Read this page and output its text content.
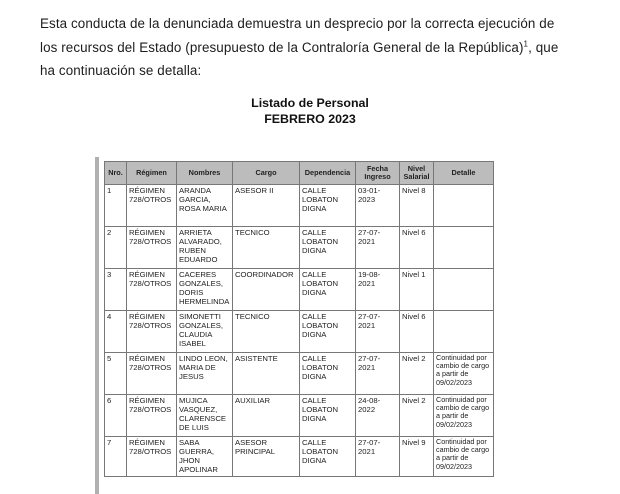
Esta conducta de la denunciada demuestra un desprecio por la correcta ejecución de
los recursos del Estado (presupuesto de la Contraloría General de la República)$^1$, que
ha continuación se detalla:

Listado de Personal
FEBRERO 2023
Nro.	Régimen	Nombres	Cargo	Dependencia	Fecha Ingreso	Nivel Salarial	Detalle
1	RÉGIMEN 728/OTROS	ARANDA GARCIA, ROSA MARIA	ASESOR II	CALLE LOBATON DIGNA	03-01-2023	Nivel 8	
2	RÉGIMEN 728/OTROS	ARRIETA ALVARADO, RUBEN EDUARDO	TECNICO	CALLE LOBATON DIGNA	27-07-2021	Nivel 6	
3	RÉGIMEN 728/OTROS	CACERES GONZALES, DORIS HERMELINDA	COORDINADOR	CALLE LOBATON DIGNA	19-08-2021	Nivel 1	
4	RÉGIMEN 728/OTROS	SIMONETTI GONZALES, CLAUDIA ISABEL	TECNICO	CALLE LOBATON DIGNA	27-07-2021	Nivel 6	
5	RÉGIMEN 728/OTROS	LINDO LEON, MARIA DE JESUS	ASISTENTE	CALLE LOBATON DIGNA	27-07-2021	Nivel 2	Continuidad por cambio de cargo a partir de 09/02/2023
6	RÉGIMEN 728/OTROS	MUJICA VASQUEZ, CLARENSCE DE LUIS	AUXILIAR	CALLE LOBATON DIGNA	24-08-2022	Nivel 2	Continuidad por cambio de cargo a partir de 09/02/2023
7	RÉGIMEN 728/OTROS	SABA GUERRA, JHON APOLINAR	ASESOR PRINCIPAL	CALLE LOBATON DIGNA	27-07-2021	Nivel 9	Continuidad por cambio de cargo a partir de 09/02/2023
